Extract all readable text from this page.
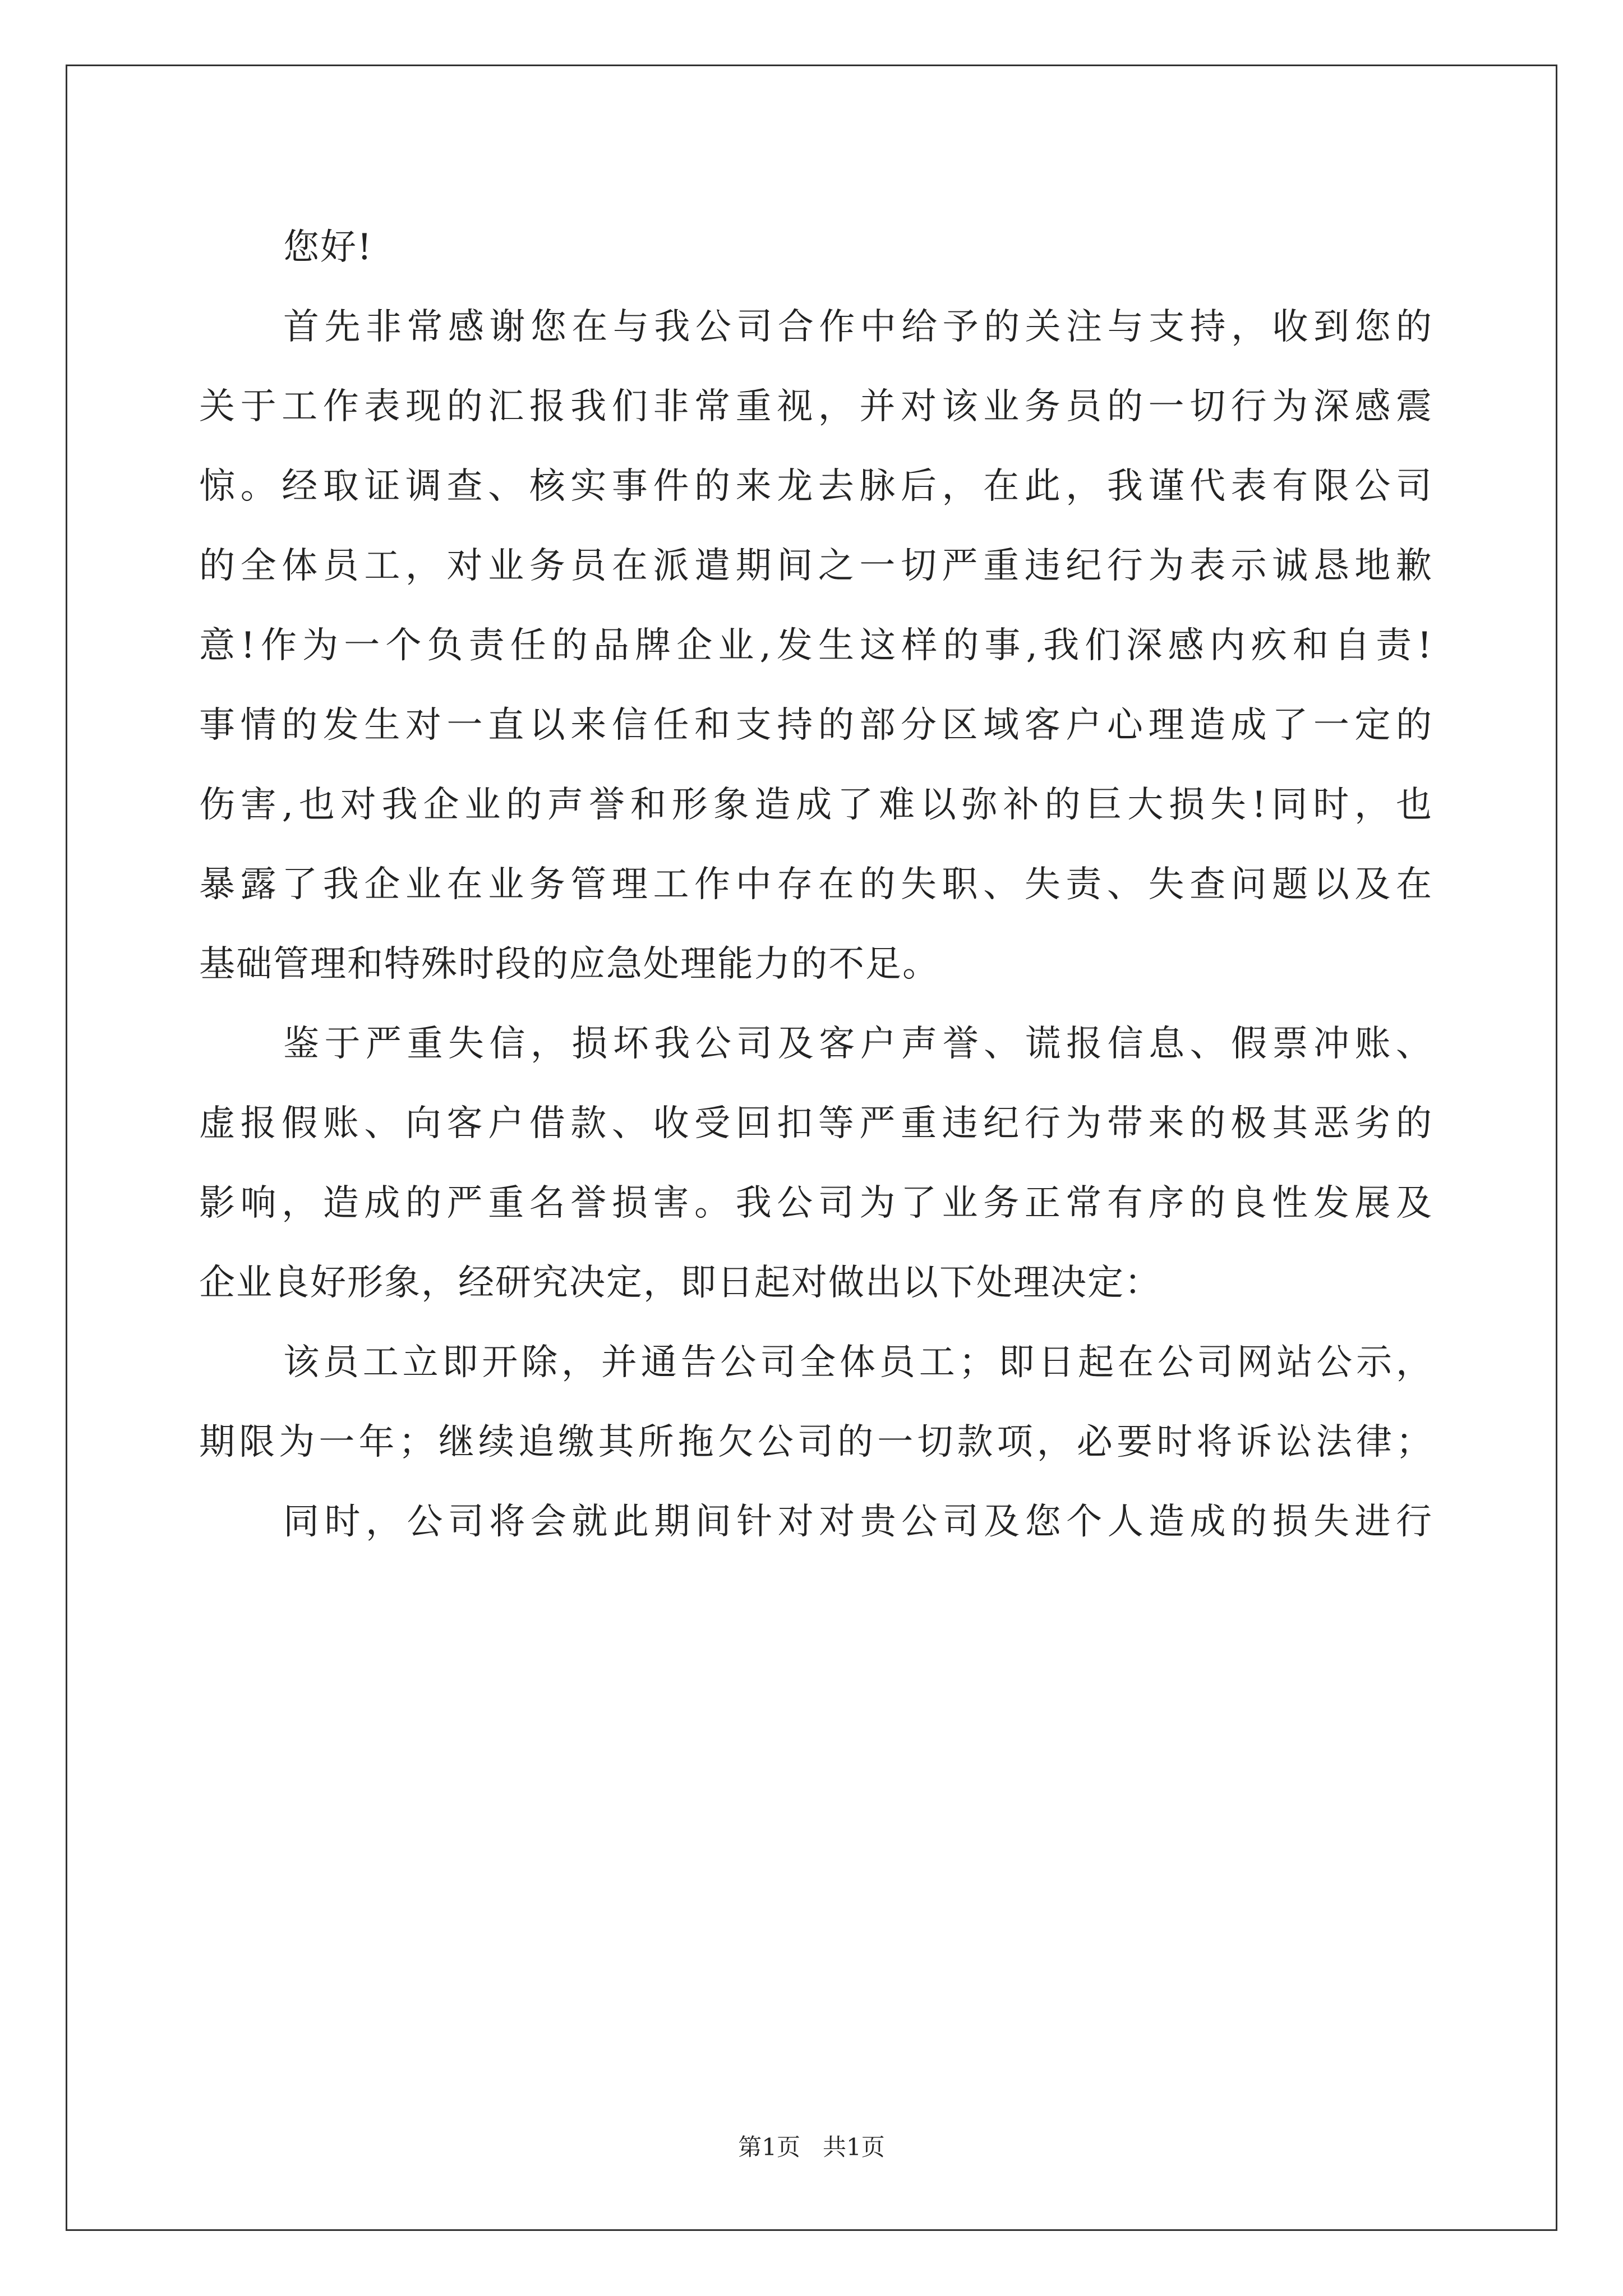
您好!

首先非常感谢您在与我公司合作中给予的关注与支持，收到您的

关于工作表现的汇报我们非常重视，并对该业务员的一切行为深感震

惊。经取证调查、核实事件的来龙去脉后，在此，我谨代表有限公司

的全体员工，对业务员在派遣期间之一切严重违纪行为表示诚恳地歉

意!作为一个负责任的品牌企业,发生这样的事,我们深感内疚和自责!

事情的发生对一直以来信任和支持的部分区域客户心理造成了一定的

伤害,也对我企业的声誉和形象造成了难以弥补的巨大损失!同时，也

暴露了我企业在业务管理工作中存在的失职、失责、失查问题以及在

基础管理和特殊时段的应急处理能力的不足。

鉴于严重失信，损坏我公司及客户声誉、谎报信息、假票冲账、

虚报假账、向客户借款、收受回扣等严重违纪行为带来的极其恶劣的

影响，造成的严重名誉损害。我公司为了业务正常有序的良性发展及

企业良好形象，经研究决定，即日起对做出以下处理决定：

该员工立即开除，并通告公司全体员工；即日起在公司网站公示，

期限为一年；继续追缴其所拖欠公司的一切款项，必要时将诉讼法律；

同时，公司将会就此期间针对对贵公司及您个人造成的损失进行

第1页 共1页
